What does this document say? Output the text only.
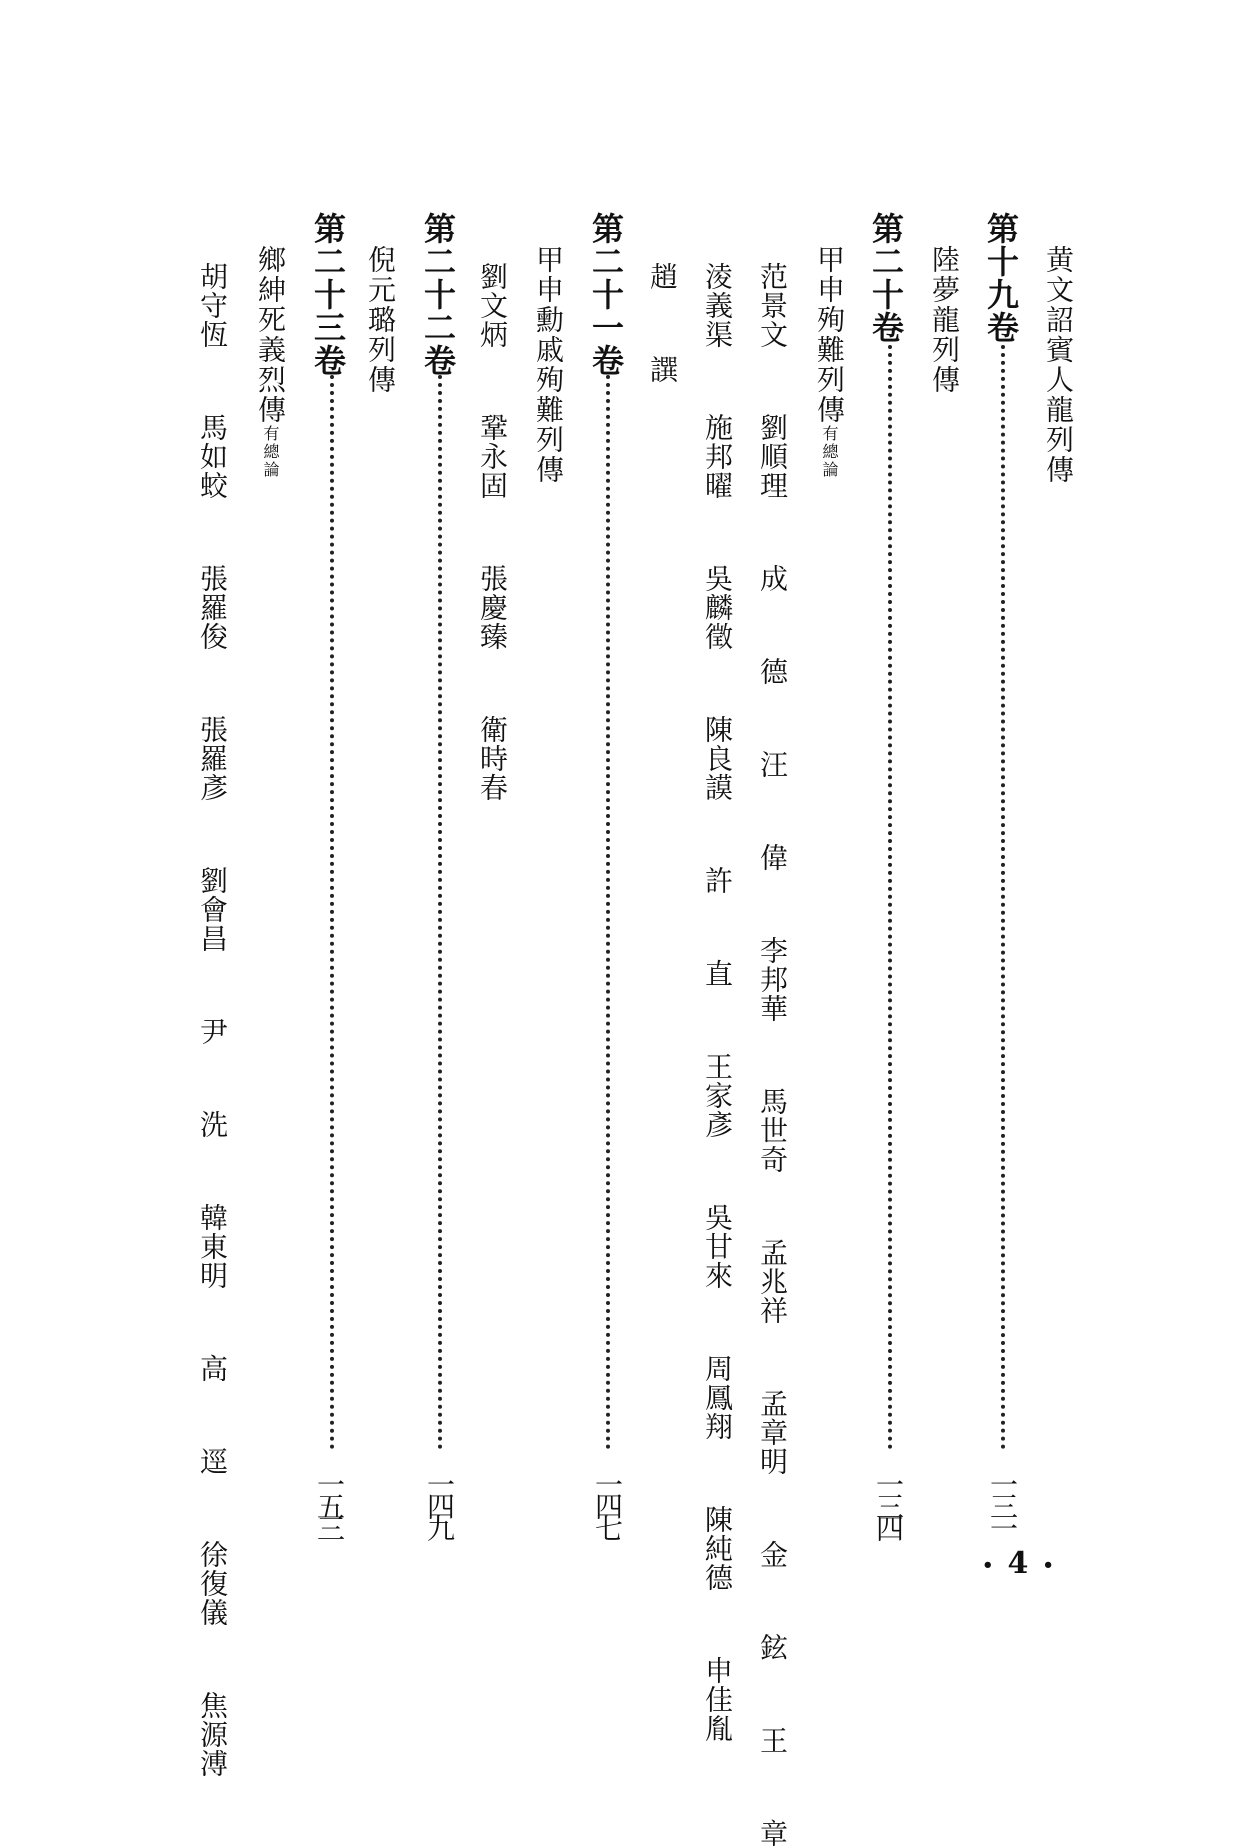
黄文詔賓人龍列傳
第十九卷
一三一
陸夢龍列傳
第二十卷
一三四
甲申殉難列傳有總論
范景文 劉順理 成 德 汪 偉 李邦華 馬世奇 孟兆祥 孟章明 金 鉉 王 章
淩義渠 施邦曜 吳麟徵 陳良謨 許 直 王家彥 吳甘來 周鳳翔 陳純德 申佳胤
趙 譔
第二十一卷
一四七
甲申勳戚殉難列傳
劉文炳 鞏永固 張慶臻 衛時春
第二十二卷
一四九
倪元璐列傳
第二十三卷
一五三
鄉紳死義烈傳有總論
胡守恆 馬如蛟 張羅俊 張羅彥 劉會昌 尹 洗 韓東明 高 逕 徐復儀 焦源溥	• 4 •
